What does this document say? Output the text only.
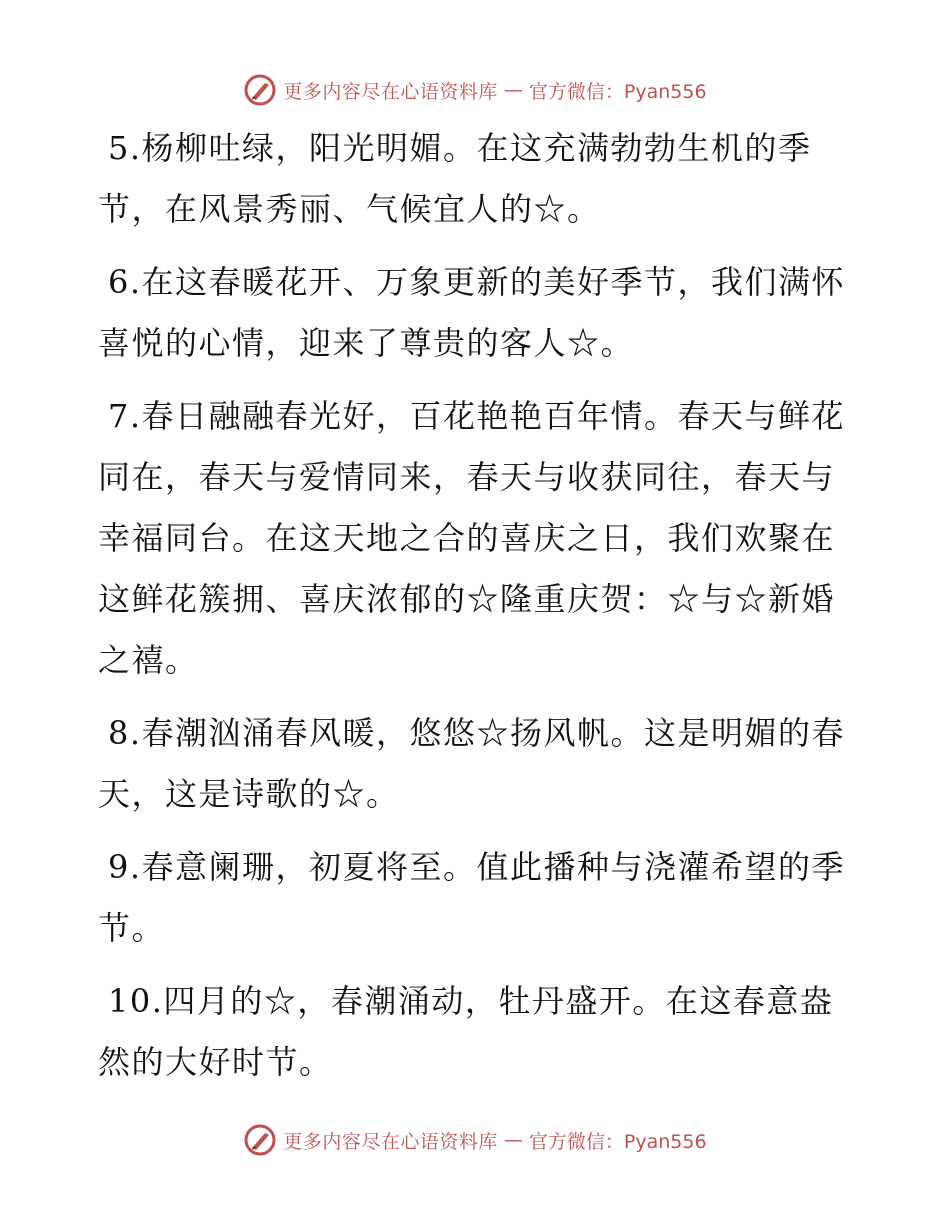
更多内容尽在心语资料库 — 官方微信：Pyan556

5.杨柳吐绿，阳光明媚。在这充满勃勃生机的季节，在风景秀丽、气候宜人的☆。

6.在这春暖花开、万象更新的美好季节，我们满怀喜悦的心情，迎来了尊贵的客人☆。

7.春日融融春光好，百花艳艳百年情。春天与鲜花同在，春天与爱情同来，春天与收获同往，春天与幸福同台。在这天地之合的喜庆之日，我们欢聚在这鲜花簇拥、喜庆浓郁的☆隆重庆贺：☆与☆新婚之禧。

8.春潮汹涌春风暖，悠悠☆扬风帆。这是明媚的春天，这是诗歌的☆。

9.春意阑珊，初夏将至。值此播种与浇灌希望的季节。

10.四月的☆，春潮涌动，牡丹盛开。在这春意盎然的大好时节。

更多内容尽在心语资料库 — 官方微信：Pyan556
